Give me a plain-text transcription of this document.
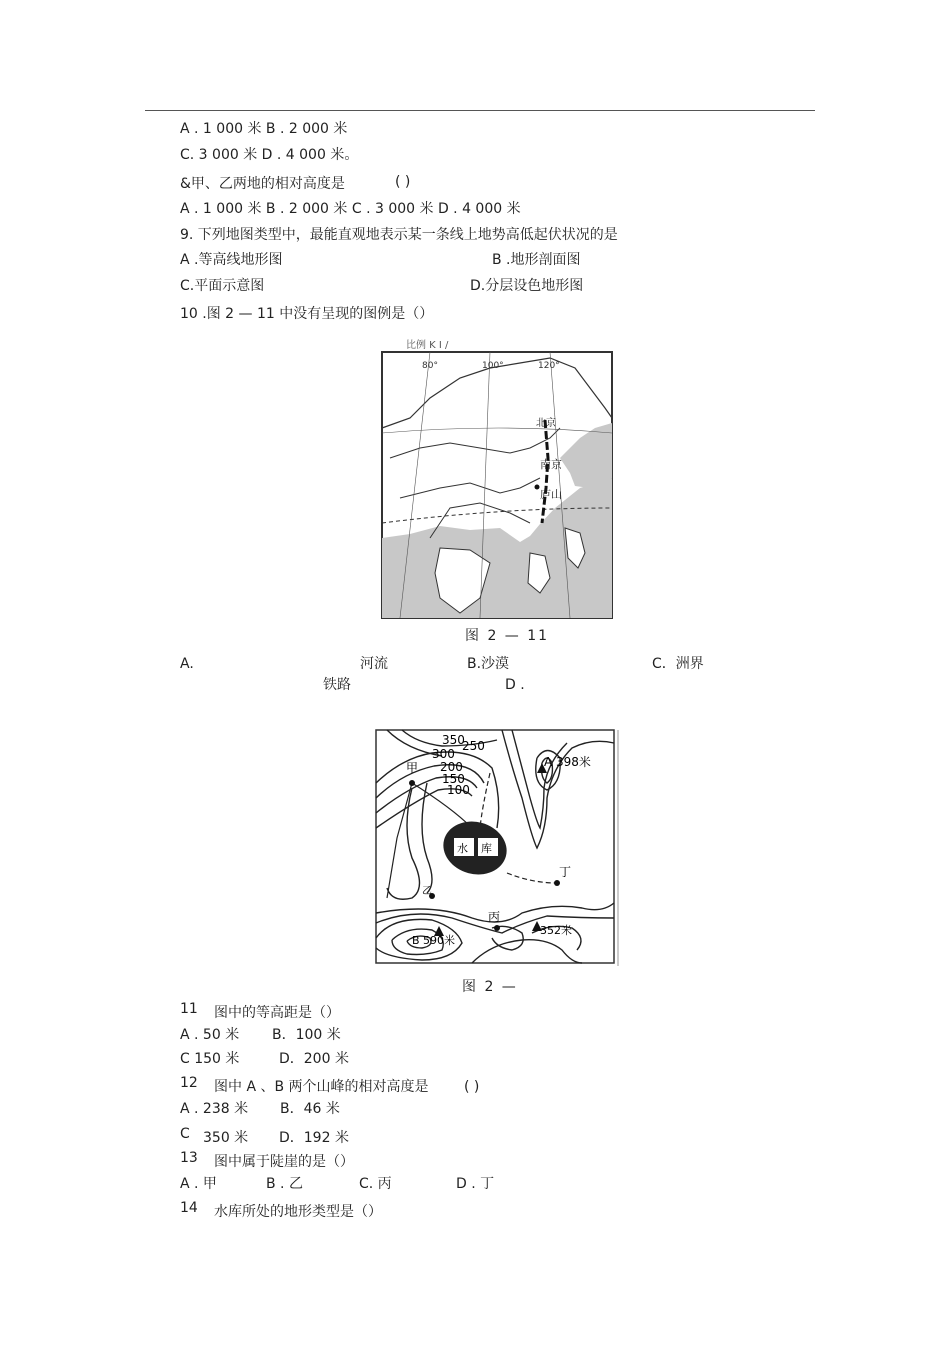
A . 1 000 米 B . 2 000 米
C. 3 000 米 D . 4 000 米。
&甲、乙两地的相对高度是	( )
A . 1 000 米 B . 2 000 米 C . 3 000 米 D . 4 000 米
9. 下列地图类型中，最能直观地表示某一条线上地势高低起伏状况的是
A .等高线地形图	B .地形剖面图
C.平面示意图	D.分层设色地形图
10 .图 2 — 11 中没有呈现的图例是（）
比例 K I /
80°	100°	120°
北京
南京
庐山
图 2 — 11
A.	河流	B.沙漠	C．洲界
铁路	D .
350
300
250
200
150
100
甲	A 398米
水 库
丁
乙
丙
B 590米
352米
图 2 —
11 图中的等高距是（）
A . 50 米 B．100 米
C 150 米	D．200 米
12 图中 A 、B 两个山峰的相对高度是	( )
A . 238 米 B．46 米
C 350 米 D．192 米
13 图中属于陡崖的是（）
A . 甲	B . 乙	C. 丙	D . 丁
14 水库所处的地形类型是（）
